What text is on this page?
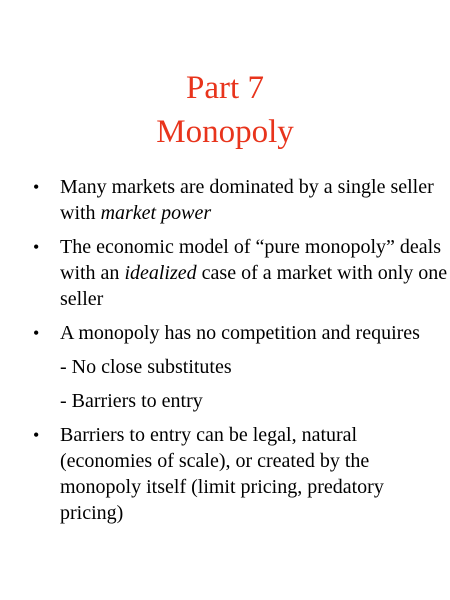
Part 7
Monopoly
•	Many markets are dominated by a single seller with market power
•	The economic model of “pure monopoly” deals with an idealized case of a market with only one seller
•	A monopoly has no competition and requires
- No close substitutes
- Barriers to entry
•	Barriers to entry can be legal, natural (economies of scale), or created by the monopoly itself (limit pricing, predatory pricing)
